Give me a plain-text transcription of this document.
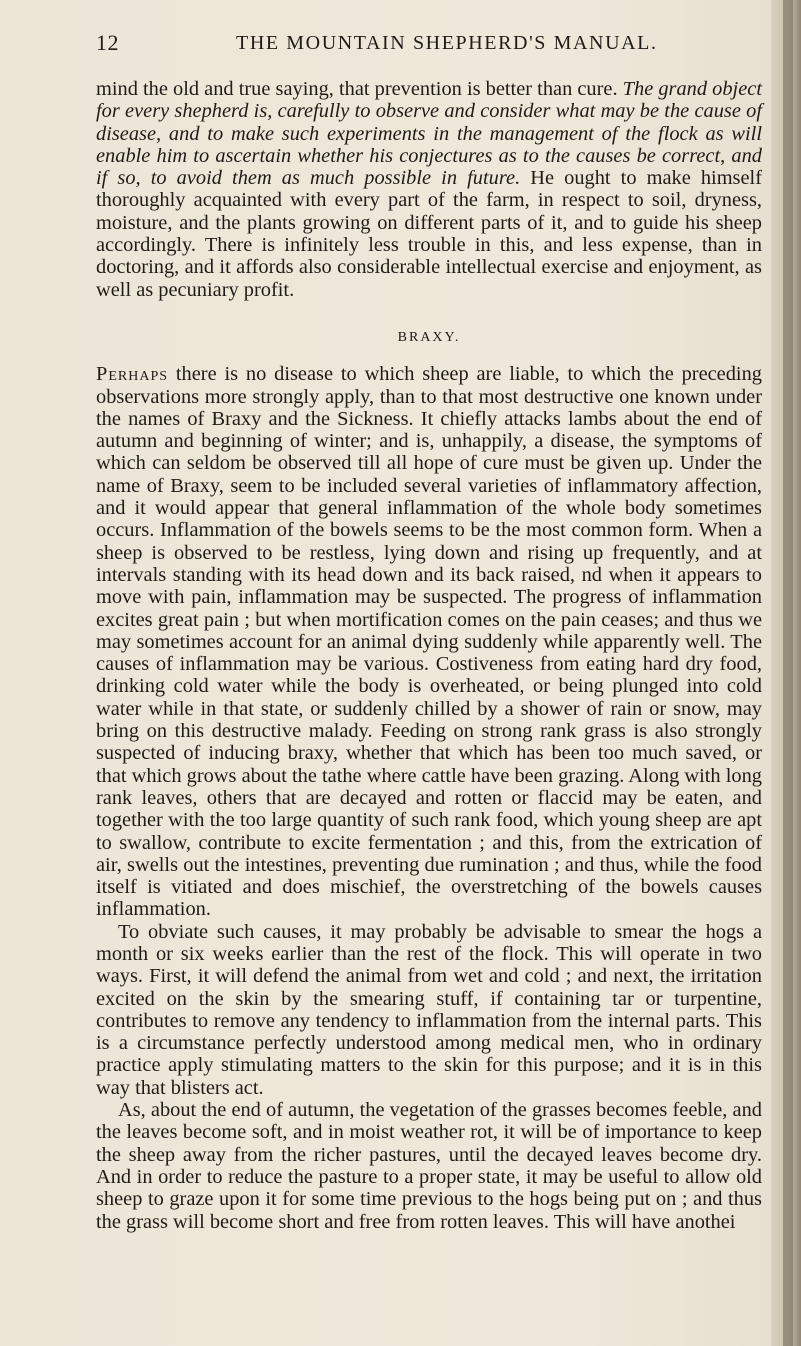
12	THE MOUNTAIN SHEPHERD'S MANUAL.

mind the old and true saying, that prevention is better than cure. The grand object for every shepherd is, carefully to observe and consider what may be the cause of disease, and to make such experiments in the management of the flock as will enable him to ascertain whether his conjectures as to the causes be correct, and if so, to avoid them as much possible in future. He ought to make himself thoroughly acquainted with every part of the farm, in respect to soil, dryness, moisture, and the plants growing on different parts of it, and to guide his sheep accordingly. There is infinitely less trouble in this, and less expense, than in doctoring, and it affords also considerable intellectual exercise and enjoyment, as well as pecuniary profit.

BRAXY.

Perhaps there is no disease to which sheep are liable, to which the preceding observations more strongly apply, than to that most destructive one known under the names of Braxy and the Sickness. It chiefly attacks lambs about the end of autumn and beginning of winter; and is, unhappily, a disease, the symptoms of which can seldom be observed till all hope of cure must be given up. Under the name of Braxy, seem to be included several varieties of inflammatory affection, and it would appear that general inflammation of the whole body sometimes occurs. Inflammation of the bowels seems to be the most common form. When a sheep is observed to be restless, lying down and rising up frequently, and at intervals standing with its head down and its back raised, nd when it appears to move with pain, inflammation may be suspected. The progress of inflammation excites great pain ; but when mortification comes on the pain ceases; and thus we may sometimes account for an animal dying suddenly while apparently well. The causes of inflammation may be various. Costiveness from eating hard dry food, drinking cold water while the body is overheated, or being plunged into cold water while in that state, or suddenly chilled by a shower of rain or snow, may bring on this destructive malady. Feeding on strong rank grass is also strongly suspected of inducing braxy, whether that which has been too much saved, or that which grows about the tathe where cattle have been grazing. Along with long rank leaves, others that are decayed and rotten or flaccid may be eaten, and together with the too large quantity of such rank food, which young sheep are apt to swallow, contribute to excite fermentation ; and this, from the extrication of air, swells out the intestines, preventing due rumination ; and thus, while the food itself is vitiated and does mischief, the overstretching of the bowels causes inflammation.

To obviate such causes, it may probably be advisable to smear the hogs a month or six weeks earlier than the rest of the flock. This will operate in two ways. First, it will defend the animal from wet and cold ; and next, the irritation excited on the skin by the smearing stuff, if containing tar or turpentine, contributes to remove any tendency to inflammation from the internal parts. This is a circumstance perfectly understood among medical men, who in ordinary practice apply stimulating matters to the skin for this purpose; and it is in this way that blisters act.

As, about the end of autumn, the vegetation of the grasses becomes feeble, and the leaves become soft, and in moist weather rot, it will be of importance to keep the sheep away from the richer pastures, until the decayed leaves become dry. And in order to reduce the pasture to a proper state, it may be useful to allow old sheep to graze upon it for some time previous to the hogs being put on ; and thus the grass will become short and free from rotten leaves. This will have anothei
